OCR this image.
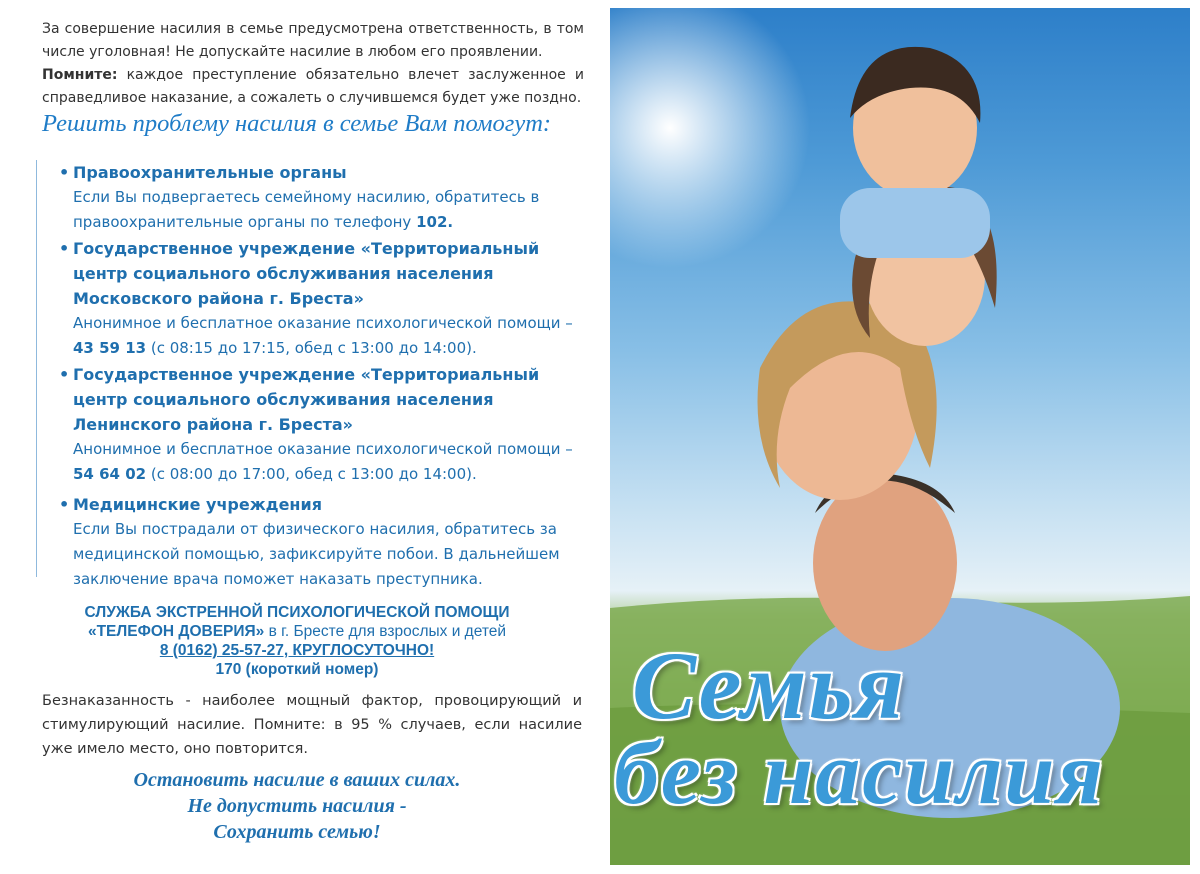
За совершение насилия в семье предусмотрена ответственность, в том числе уголовная! Не допускайте насилие в любом его проявлении.
Помните: каждое преступление обязательно влечет заслуженное и справедливое наказание, а сожалеть о случившемся будет уже поздно.

Решить проблему насилия в семье Вам помогут:
• Правоохранительные органы
Если Вы подвергаетесь семейному насилию, обратитесь в правоохранительные органы по телефону 102.
• Государственное учреждение «Территориальный центр социального обслуживания населения Московского района г. Бреста»
Анонимное и бесплатное оказание психологической помощи – 43 59 13 (с 08:15 до 17:15, обед с 13:00 до 14:00).
• Государственное учреждение «Территориальный центр социального обслуживания населения Ленинского района г. Бреста»
Анонимное и бесплатное оказание психологической помощи – 54 64 02 (с 08:00 до 17:00, обед с 13:00 до 14:00).
• Медицинские учреждения
Если Вы пострадали от физического насилия, обратитесь за медицинской помощью, зафиксируйте побои. В дальнейшем заключение врача поможет наказать преступника.
СЛУЖБА ЭКСТРЕННОЙ ПСИХОЛОГИЧЕСКОЙ ПОМОЩИ
«ТЕЛЕФОН ДОВЕРИЯ» в г. Бресте для взрослых и детей
8 (0162) 25-57-27, КРУГЛОСУТОЧНО!
170 (короткий номер)

Безнаказанность - наиболее мощный фактор, провоцирующий и стимулирующий насилие. Помните: в 95 % случаев, если насилие уже имело место, оно повторится.

Остановить насилие в ваших силах.
Не допустить насилия -
Сохранить семью!
Семья
без насилия
